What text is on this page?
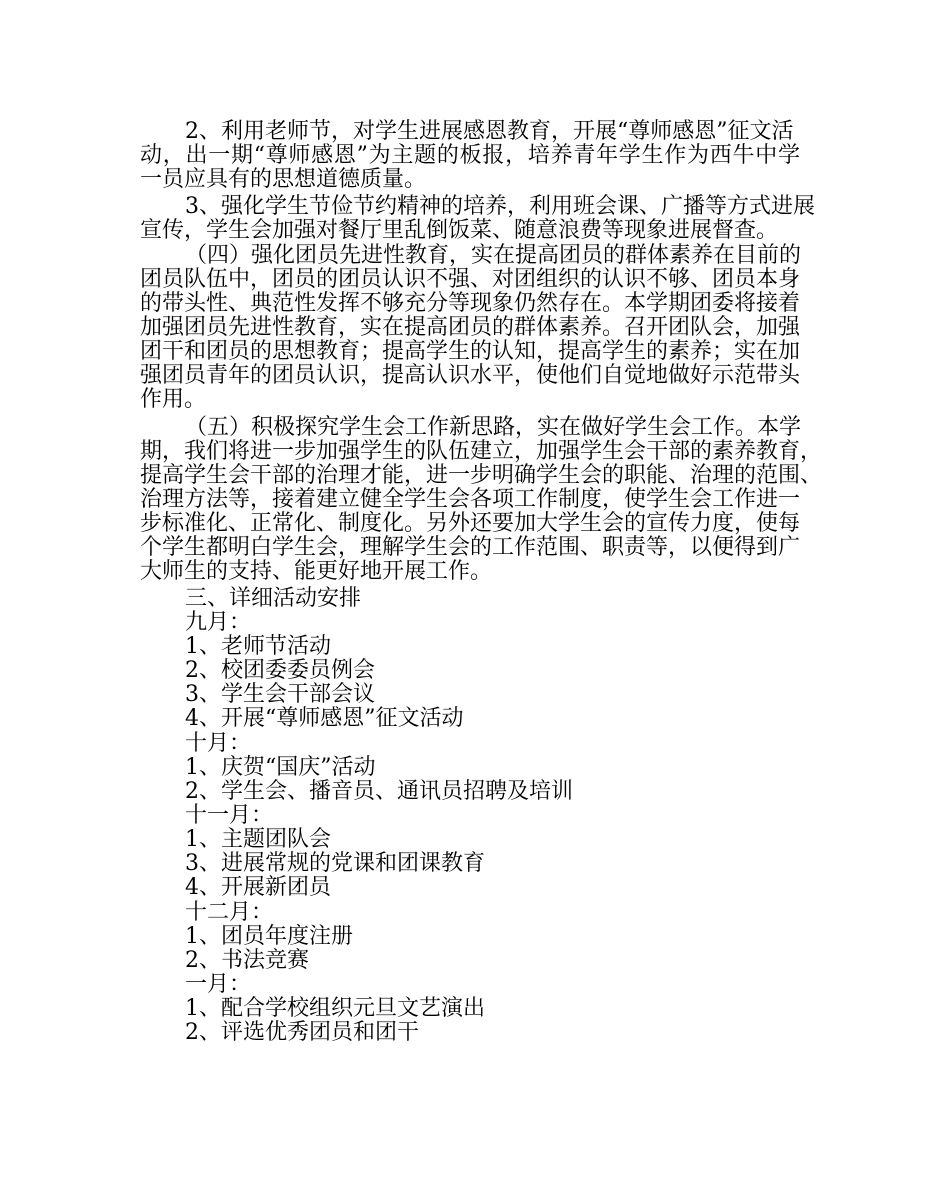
2、利用老师节，对学生进展感恩教育，开展“尊师感恩”征文活
动，出一期“尊师感恩”为主题的板报，培养青年学生作为西牛中学
一员应具有的思想道德质量。
3、强化学生节俭节约精神的培养，利用班会课、广播等方式进展
宣传，学生会加强对餐厅里乱倒饭菜、随意浪费等现象进展督查。
（四）强化团员先进性教育，实在提高团员的群体素养在目前的
团员队伍中，团员的团员认识不强、对团组织的认识不够、团员本身
的带头性、典范性发挥不够充分等现象仍然存在。本学期团委将接着
加强团员先进性教育，实在提高团员的群体素养。召开团队会，加强
团干和团员的思想教育；提高学生的认知，提高学生的素养；实在加
强团员青年的团员认识，提高认识水平，使他们自觉地做好示范带头
作用。
（五）积极探究学生会工作新思路，实在做好学生会工作。本学
期，我们将进一步加强学生的队伍建立，加强学生会干部的素养教育，
提高学生会干部的治理才能，进一步明确学生会的职能、治理的范围、
治理方法等，接着建立健全学生会各项工作制度，使学生会工作进一
步标准化、正常化、制度化。另外还要加大学生会的宣传力度，使每
个学生都明白学生会，理解学生会的工作范围、职责等，以便得到广
大师生的支持、能更好地开展工作。
三、详细活动安排
九月：
1、老师节活动
2、校团委委员例会
3、学生会干部会议
4、开展“尊师感恩”征文活动
十月：
1、庆贺“国庆”活动
2、学生会、播音员、通讯员招聘及培训
十一月：
1、主题团队会
3、进展常规的党课和团课教育
4、开展新团员
十二月：
1、团员年度注册
2、书法竞赛
一月：
1、配合学校组织元旦文艺演出
2、评选优秀团员和团干
